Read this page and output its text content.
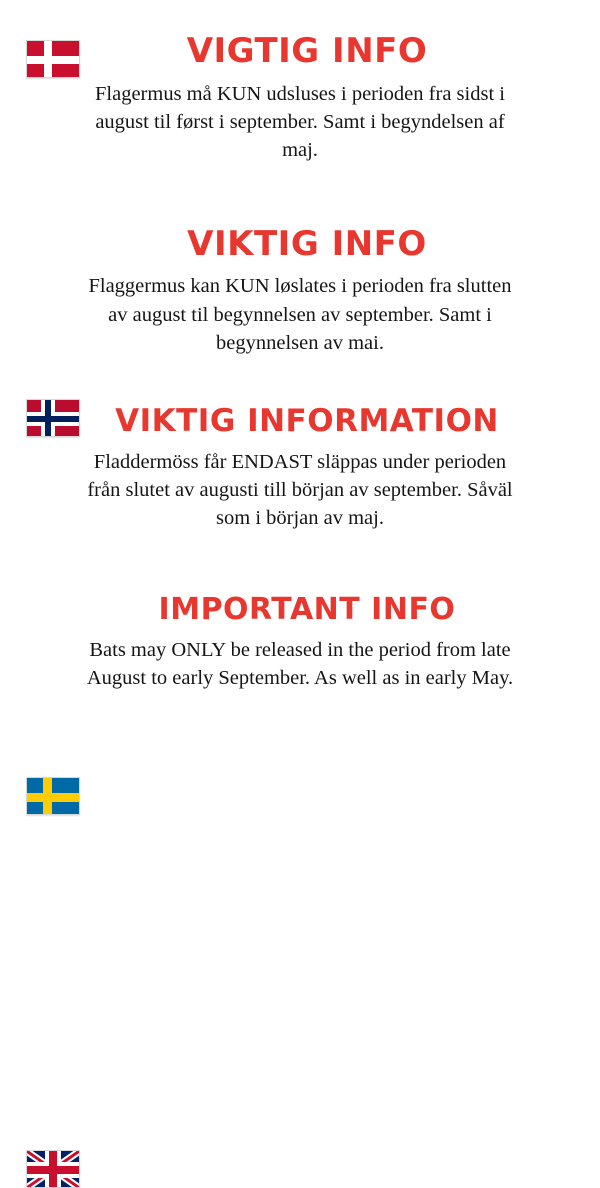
VIGTIG INFO

Flagermus må KUN udsluses i perioden fra sidst i august til først i september. Samt i begyndelsen af maj.

VIKTIG INFO

Flaggermus kan KUN løslates i perioden fra slutten av august til begynnelsen av september. Samt i begynnelsen av mai.

VIKTIG INFORMATION

Fladdermöss får ENDAST släppas under perioden från slutet av augusti till början av september. Såväl som i början av maj.

IMPORTANT INFO

Bats may ONLY be released in the period from late August to early September. As well as in early May.
